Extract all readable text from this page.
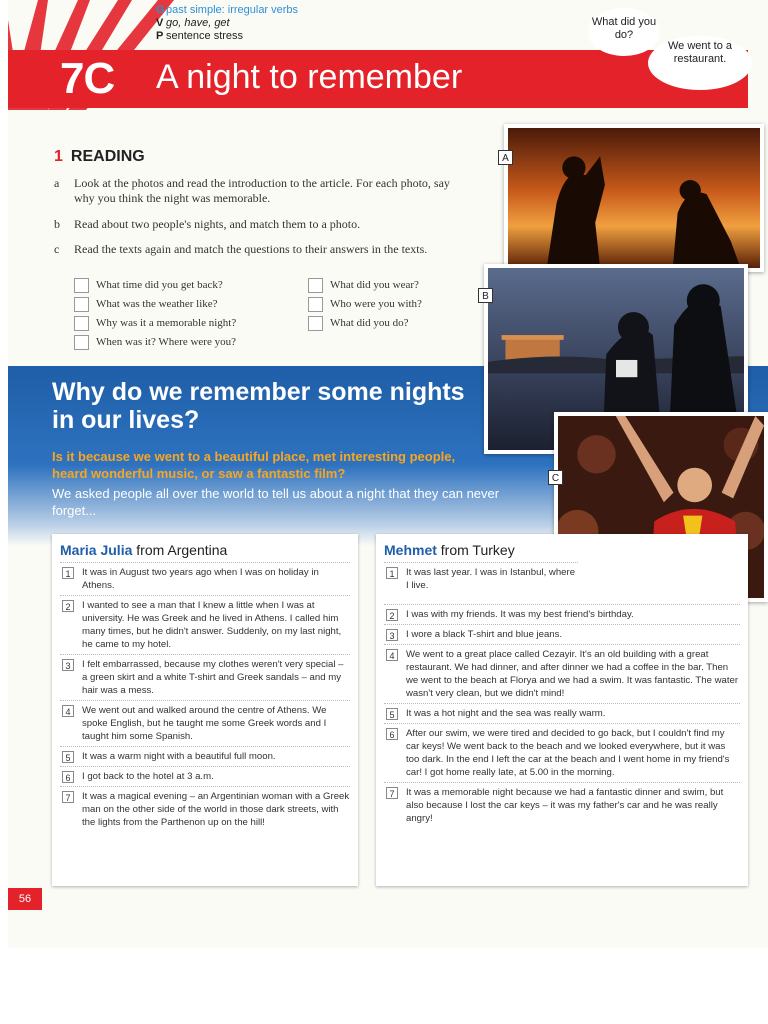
Gpast simple: irregular verbs
V go, have, get
P sentence stress
7C A night to remember
What did you do?
We went to a restaurant.
1 READING
a Look at the photos and read the introduction to the article. For each photo, say why you think the night was memorable.
b Read about two people's nights, and match them to a photo.
c Read the texts again and match the questions to their answers in the texts.
What time did you get back?
What was the weather like?
Why was it a memorable night?
When was it? Where were you?
What did you wear?
Who were you with?
What did you do?
Why do we remember some nights in our lives?
Is it because we went to a beautiful place, met interesting people, heard wonderful music, or saw a fantastic film?
We asked people all over the world to tell us about a night that they can never forget...
A
B
C
Maria Julia from Argentina
1	It was in August two years ago when I was on holiday in Athens.
2	I wanted to see a man that I knew a little when I was at university. He was Greek and he lived in Athens. I called him many times, but he didn't answer. Suddenly, on my last night, he came to my hotel.
3	I felt embarrassed, because my clothes weren't very special – a green skirt and a white T-shirt and Greek sandals – and my hair was a mess.
4	We went out and walked around the centre of Athens. We spoke English, but he taught me some Greek words and I taught him some Spanish.
5	It was a warm night with a beautiful full moon.
6	I got back to the hotel at 3 a.m.
7	It was a magical evening – an Argentinian woman with a Greek man on the other side of the world in those dark streets, with the lights from the Parthenon up on the hill!
Mehmet from Turkey
1	It was last year. I was in Istanbul, where I live.
2	I was with my friends. It was my best friend's birthday.
3	I wore a black T-shirt and blue jeans.
4	We went to a great place called Cezayir. It's an old building with a great restaurant. We had dinner, and after dinner we had a coffee in the bar. Then we went to the beach at Florya and we had a swim. It was fantastic. The water wasn't very clean, but we didn't mind!
5	It was a hot night and the sea was really warm.
6	After our swim, we were tired and decided to go back, but I couldn't find my car keys! We went back to the beach and we looked everywhere, but it was too dark. In the end I left the car at the beach and I went home in my friend's car! I got home really late, at 5.00 in the morning.
7	It was a memorable night because we had a fantastic dinner and swim, but also because I lost the car keys – it was my father's car and he was really angry!
56
